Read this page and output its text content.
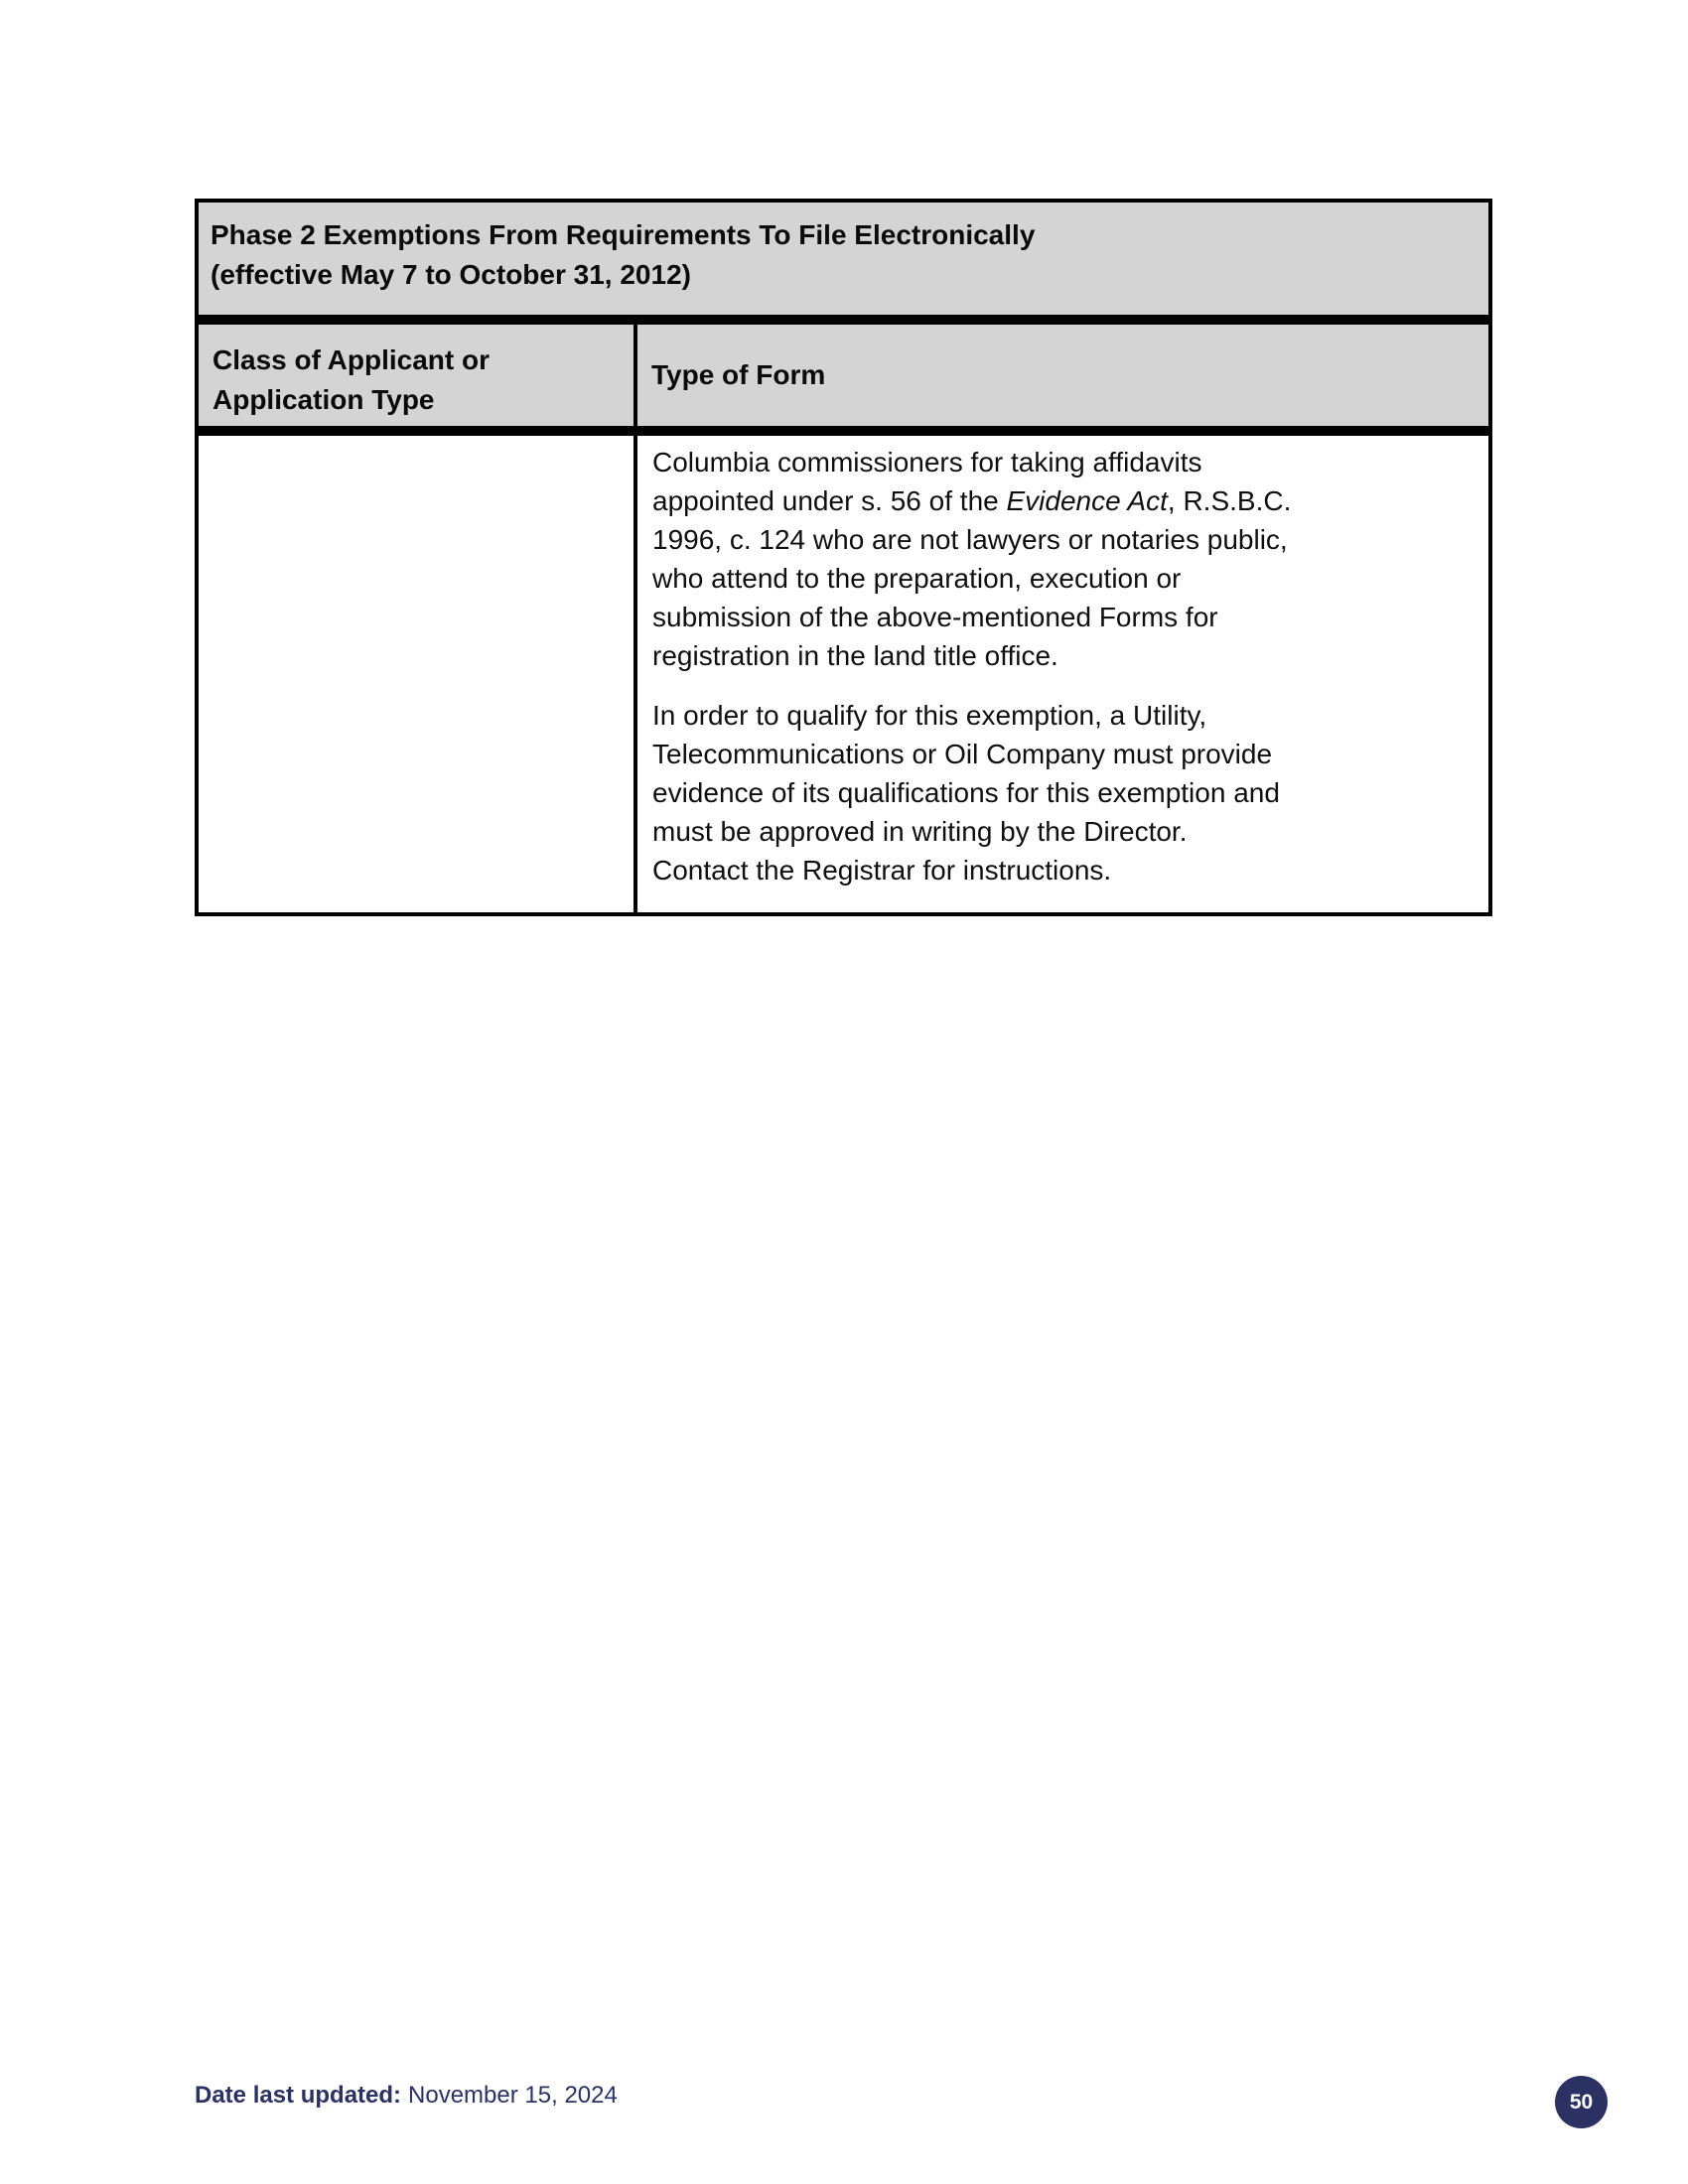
Phase 2 Exemptions From Requirements To File Electronically
(effective May 7 to October 31, 2012)
Class of Applicant or
Application Type
Type of Form
Columbia commissioners for taking affidavits
appointed under s. 56 of the Evidence Act, R.S.B.C.
1996, c. 124 who are not lawyers or notaries public,
who attend to the preparation, execution or
submission of the above-mentioned Forms for
registration in the land title office.
In order to qualify for this exemption, a Utility,
Telecommunications or Oil Company must provide
evidence of its qualifications for this exemption and
must be approved in writing by the Director.
Contact the Registrar for instructions.
Date last updated: November 15, 2024	50
